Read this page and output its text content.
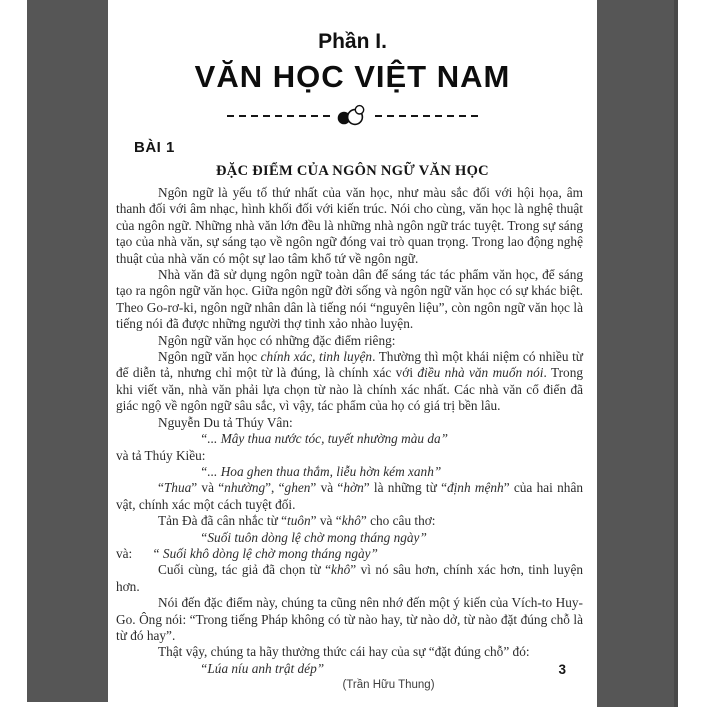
Phần I.
VĂN HỌC VIỆT NAM
BÀI 1
ĐẶC ĐIỂM CỦA NGÔN NGỮ VĂN HỌC

Ngôn ngữ là yếu tố thứ nhất của văn học, như màu sắc đối với hội họa, âm thanh đối với âm nhạc, hình khối đối với kiến trúc. Nói cho cùng, văn học là nghệ thuật của ngôn ngữ. Những nhà văn lớn đều là những nhà ngôn ngữ trác tuyệt. Trong sự sáng tạo của nhà văn, sự sáng tạo về ngôn ngữ đóng vai trò quan trọng. Trong lao động nghệ thuật của nhà văn có một sự lao tâm khổ tứ về ngôn ngữ.

Nhà văn đã sử dụng ngôn ngữ toàn dân để sáng tác tác phẩm văn học, để sáng tạo ra ngôn ngữ văn học. Giữa ngôn ngữ đời sống và ngôn ngữ văn học có sự khác biệt. Theo Go-rơ-ki, ngôn ngữ nhân dân là tiếng nói “nguyên liệu”, còn ngôn ngữ văn học là tiếng nói đã được những người thợ tinh xảo nhào luyện.

Ngôn ngữ văn học có những đặc điểm riêng:

Ngôn ngữ văn học chính xác, tinh luyện. Thường thì một khái niệm có nhiều từ để diễn tả, nhưng chỉ một từ là đúng, là chính xác với điều nhà văn muốn nói. Trong khi viết văn, nhà văn phải lựa chọn từ nào là chính xác nhất. Các nhà văn cổ điển đã giác ngộ về ngôn ngữ sâu sắc, vì vậy, tác phẩm của họ có giá trị bền lâu.

Nguyễn Du tả Thúy Vân:

“... Mây thua nước tóc, tuyết nhường màu da”

và tả Thúy Kiều:

“... Hoa ghen thua thắm, liễu hờn kém xanh”

“Thua” và “nhường”, “ghen” và “hờn” là những từ “định mệnh” của hai nhân vật, chính xác một cách tuyệt đối.

Tản Đà đã cân nhắc từ “tuôn” và “khô” cho câu thơ:

“Suối tuôn dòng lệ chờ mong tháng ngày”

và:      “ Suối khô dòng lệ chờ mong tháng ngày”

Cuối cùng, tác giả đã chọn từ “khô” vì nó sâu hơn, chính xác hơn, tinh luyện hơn.

Nói đến đặc điểm này, chúng ta cũng nên nhớ đến một ý kiến của Vích-to Huy-Go. Ông nói: “Trong tiếng Pháp không có từ nào hay, từ nào dở, từ nào đặt đúng chỗ là từ đó hay”.

Thật vậy, chúng ta hãy thưởng thức cái hay của sự “đặt đúng chỗ” đó:

“Lúa níu anh trật dép”

(Trần Hữu Thung)

3
